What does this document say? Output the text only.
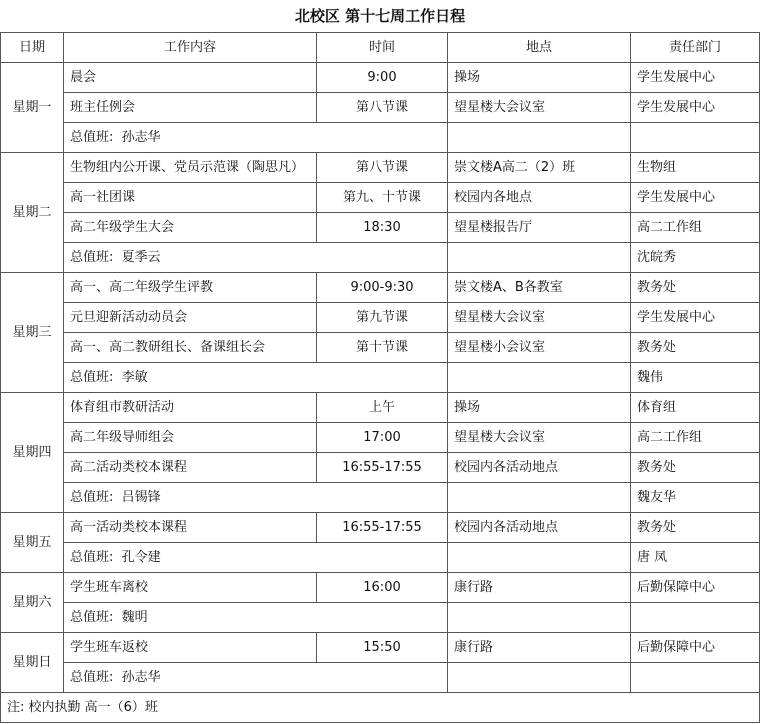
北校区 第十七周工作日程
日期	工作内容	时间	地点	责任部门
星期一	晨会	9:00	操场	学生发展中心
	班主任例会	第八节课	望星楼大会议室	学生发展中心
	总值班: 孙志华			
星期二	生物组内公开课、党员示范课（陶思凡）	第八节课	崇文楼A高二（2）班	生物组
	高一社团课	第九、十节课	校园内各地点	学生发展中心
	高二年级学生大会	18:30	望星楼报告厅	高二工作组
	总值班: 夏季云			沈皖秀
星期三	高一、高二年级学生评教	9:00-9:30	崇文楼A、B各教室	教务处
	元旦迎新活动动员会	第九节课	望星楼大会议室	学生发展中心
	高一、高二教研组长、备课组长会	第十节课	望星楼小会议室	教务处
	总值班: 李敏			魏伟
星期四	体育组市教研活动	上午	操场	体育组
	高二年级导师组会	17:00	望星楼大会议室	高二工作组
	高二活动类校本课程	16:55-17:55	校园内各活动地点	教务处
	总值班: 吕锡锋			魏友华
星期五	高一活动类校本课程	16:55-17:55	校园内各活动地点	教务处
	总值班: 孔令建			唐 凤
星期六	学生班车离校	16:00	康行路	后勤保障中心
	总值班: 魏明			
星期日	学生班车返校	15:50	康行路	后勤保障中心
	总值班: 孙志华			
注: 校内执勤 高一（6）班				
